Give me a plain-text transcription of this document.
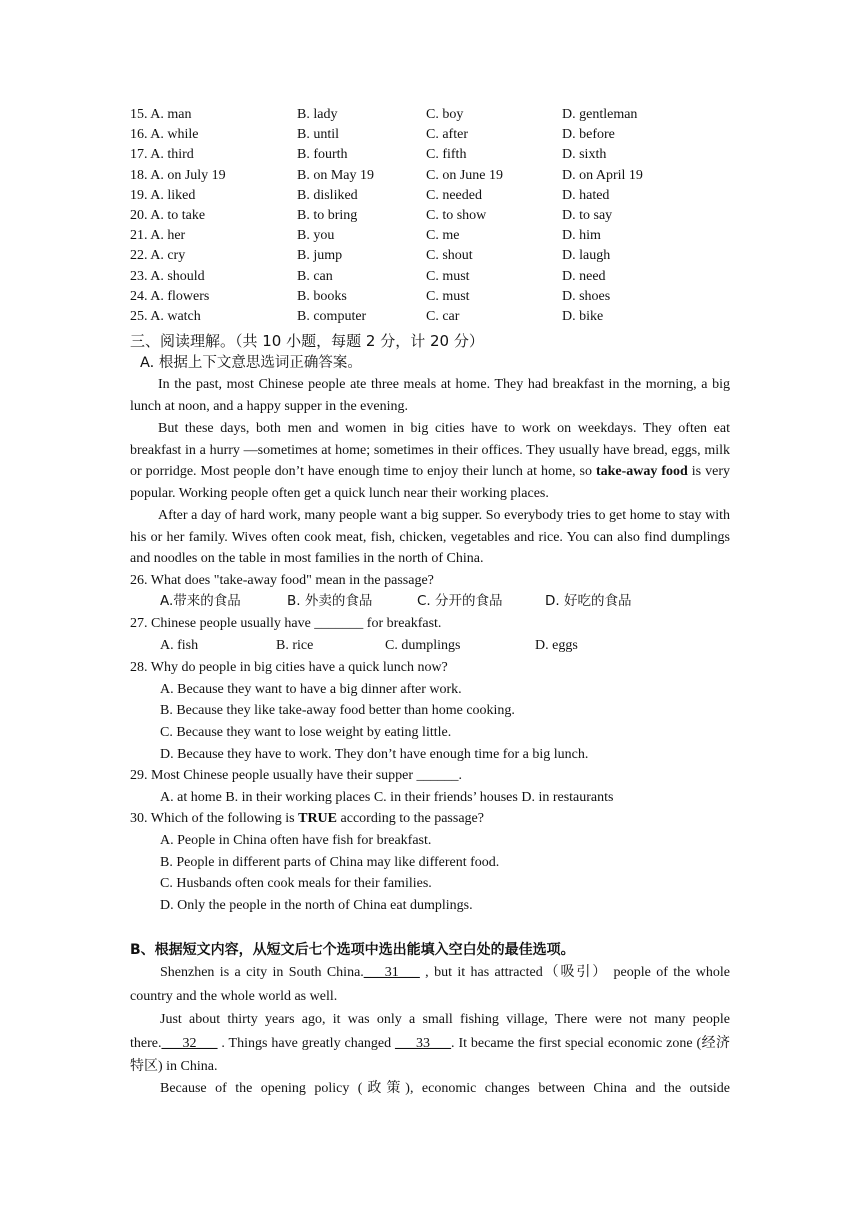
15. A. man	B. lady	C. boy	D. gentleman
16. A. while	B. until	C. after	D. before
17. A. third	B. fourth	C. fifth	D. sixth
18. A. on July 19	B. on May 19	C. on June 19	D. on April 19
19. A. liked	B. disliked	C. needed	D. hated
20. A. to take	B. to bring	C. to show	D. to say
21. A. her	B. you	C. me	D. him
22. A. cry	B. jump	C. shout	D. laugh
23. A. should	B. can	C. must	D. need
24. A. flowers	B. books	C. must	D. shoes
25. A. watch	B. computer	C. car	D. bike
三、阅读理解。（共 10 小题，每题 2 分，计 20 分）
A. 根据上下文意思选词正确答案。
In the past, most Chinese people ate three meals at home. They had breakfast in the morning, a big lunch at noon, and a happy supper in the evening.
But these days, both men and women in big cities have to work on weekdays. They often eat breakfast in a hurry —sometimes at home; sometimes in their offices. They usually have bread, eggs, milk or porridge. Most people don’t have enough time to enjoy their lunch at home, so take-away food is very popular. Working people often get a quick lunch near their working places.
After a day of hard work, many people want a big supper. So everybody tries to get home to stay with his or her family. Wives often cook meat, fish, chicken, vegetables and rice. You can also find dumplings and noodles on the table in most families in the north of China.
26. What does "take-away food" mean in the passage?
A.带来的食品	B. 外卖的食品	C. 分开的食品	D. 好吃的食品
27. Chinese people usually have _______ for breakfast.
A. fish	B. rice	C. dumplings	D. eggs
28. Why do people in big cities have a quick lunch now?
A. Because they want to have a big dinner after work.
B. Because they like take-away food better than home cooking.
C. Because they want to lose weight by eating little.
D. Because they have to work. They don’t have enough time for a big lunch.
29. Most Chinese people usually have their supper ______.
A. at home B. in their working places C. in their friends’ houses D. in restaurants
30. Which of the following is TRUE according to the passage?
A. People in China often have fish for breakfast.
B. People in different parts of China may like different food.
C. Husbands often cook meals for their families.
D. Only the people in the north of China eat dumplings.
B、根据短文内容，从短文后七个选项中选出能填入空白处的最佳选项。
Shenzhen is a city in South China.___31___ , but it has attracted（吸引） people of the whole country and the whole world as well.
Just about thirty years ago, it was only a small fishing village, There were not many people there.___32___ . Things have greatly changed ___33___. It became the first special economic zone (经济特区) in China.
Because of the opening policy (政策), economic changes between China and the outside
